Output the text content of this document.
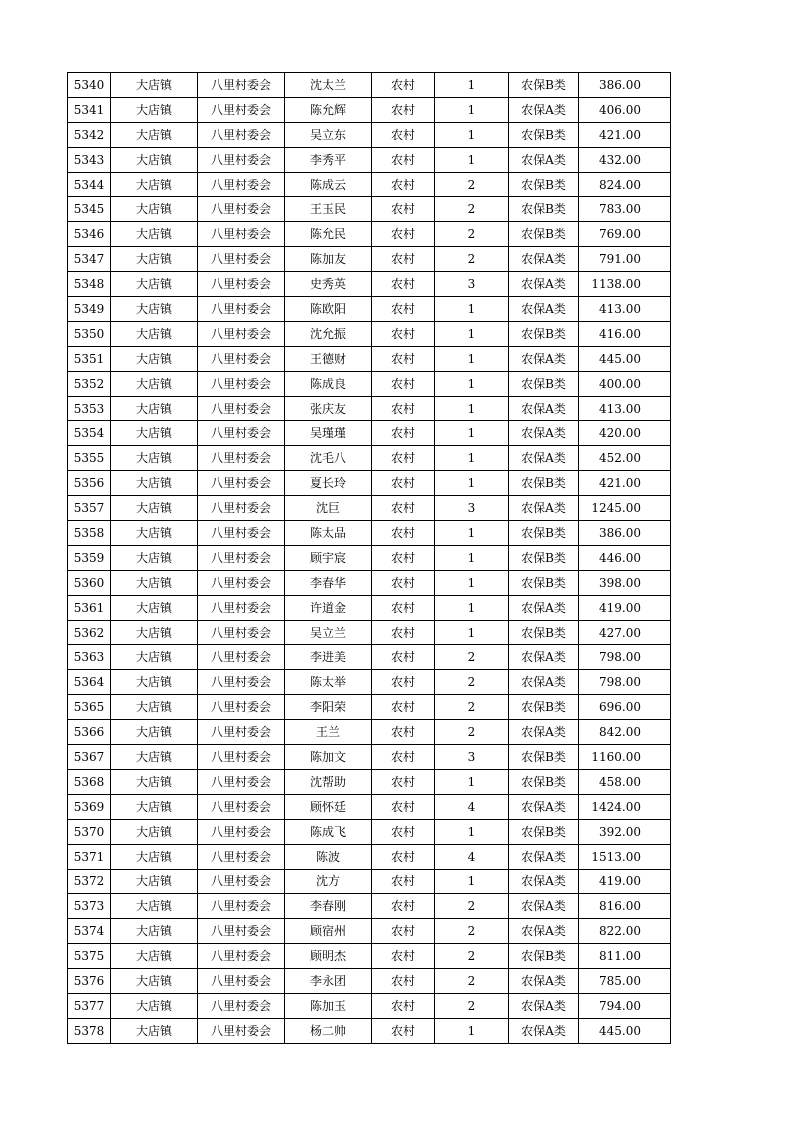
5340	大店镇	八里村委会	沈太兰	农村	1	农保B类	386.00
5341	大店镇	八里村委会	陈允辉	农村	1	农保A类	406.00
5342	大店镇	八里村委会	吴立东	农村	1	农保B类	421.00
5343	大店镇	八里村委会	李秀平	农村	1	农保A类	432.00
5344	大店镇	八里村委会	陈成云	农村	2	农保B类	824.00
5345	大店镇	八里村委会	王玉民	农村	2	农保B类	783.00
5346	大店镇	八里村委会	陈允民	农村	2	农保B类	769.00
5347	大店镇	八里村委会	陈加友	农村	2	农保A类	791.00
5348	大店镇	八里村委会	史秀英	农村	3	农保A类	1138.00
5349	大店镇	八里村委会	陈欧阳	农村	1	农保A类	413.00
5350	大店镇	八里村委会	沈允振	农村	1	农保B类	416.00
5351	大店镇	八里村委会	王德财	农村	1	农保A类	445.00
5352	大店镇	八里村委会	陈成良	农村	1	农保B类	400.00
5353	大店镇	八里村委会	张庆友	农村	1	农保A类	413.00
5354	大店镇	八里村委会	吴瑾瑾	农村	1	农保A类	420.00
5355	大店镇	八里村委会	沈毛八	农村	1	农保A类	452.00
5356	大店镇	八里村委会	夏长玲	农村	1	农保B类	421.00
5357	大店镇	八里村委会	沈巨	农村	3	农保A类	1245.00
5358	大店镇	八里村委会	陈太品	农村	1	农保B类	386.00
5359	大店镇	八里村委会	顾宇宸	农村	1	农保B类	446.00
5360	大店镇	八里村委会	李春华	农村	1	农保B类	398.00
5361	大店镇	八里村委会	许道金	农村	1	农保A类	419.00
5362	大店镇	八里村委会	吴立兰	农村	1	农保B类	427.00
5363	大店镇	八里村委会	李进美	农村	2	农保A类	798.00
5364	大店镇	八里村委会	陈太举	农村	2	农保A类	798.00
5365	大店镇	八里村委会	李阳荣	农村	2	农保B类	696.00
5366	大店镇	八里村委会	王兰	农村	2	农保A类	842.00
5367	大店镇	八里村委会	陈加文	农村	3	农保B类	1160.00
5368	大店镇	八里村委会	沈帮助	农村	1	农保B类	458.00
5369	大店镇	八里村委会	顾怀廷	农村	4	农保A类	1424.00
5370	大店镇	八里村委会	陈成飞	农村	1	农保B类	392.00
5371	大店镇	八里村委会	陈波	农村	4	农保A类	1513.00
5372	大店镇	八里村委会	沈方	农村	1	农保A类	419.00
5373	大店镇	八里村委会	李春刚	农村	2	农保A类	816.00
5374	大店镇	八里村委会	顾宿州	农村	2	农保A类	822.00
5375	大店镇	八里村委会	顾明杰	农村	2	农保B类	811.00
5376	大店镇	八里村委会	李永团	农村	2	农保A类	785.00
5377	大店镇	八里村委会	陈加玉	农村	2	农保A类	794.00
5378	大店镇	八里村委会	杨二帅	农村	1	农保A类	445.00
